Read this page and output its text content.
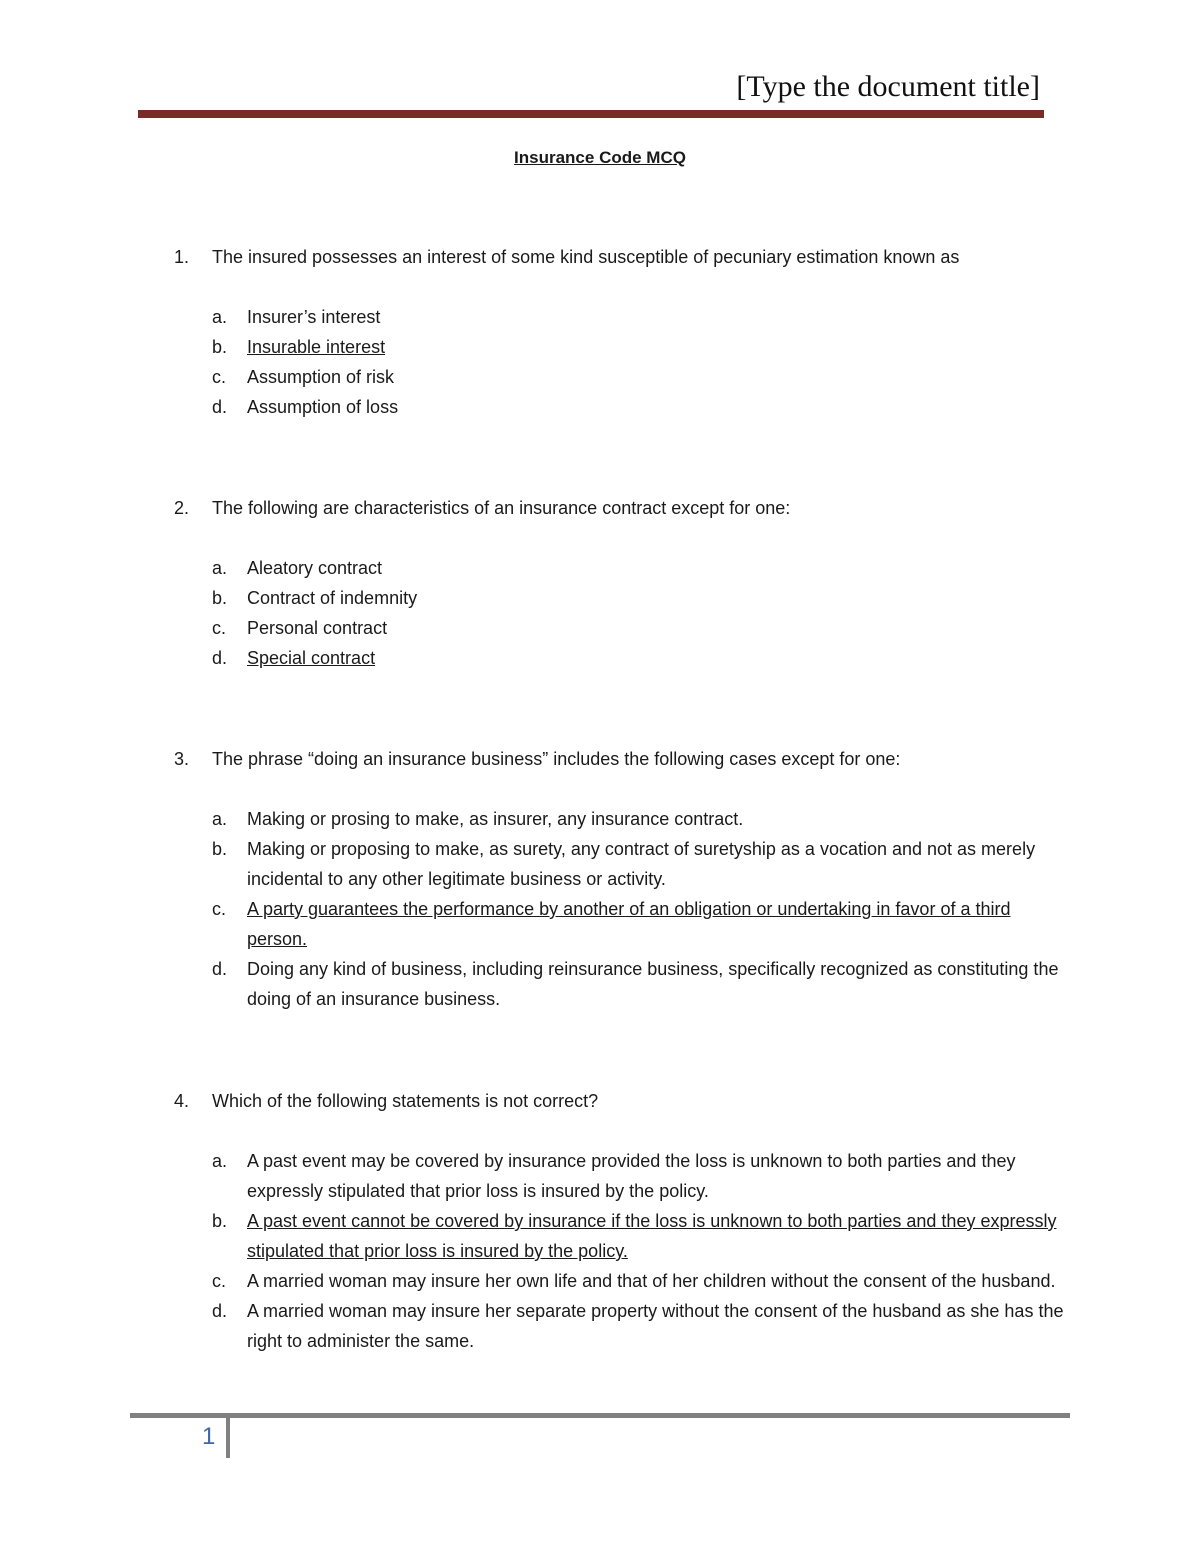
[Type the document title]
Insurance Code MCQ
1.	The insured possesses an interest of some kind susceptible of pecuniary estimation known as
a.	Insurer’s interest
b.	Insurable interest
c.	Assumption of risk
d.	Assumption of loss
2.	The following are characteristics of an insurance contract except for one:
a.	Aleatory contract
b.	Contract of indemnity
c.	Personal contract
d.	Special contract
3.	The phrase “doing an insurance business” includes the following cases except for one:
a.	Making or prosing to make, as insurer, any insurance contract.
b.	Making or proposing to make, as surety, any contract of suretyship as a vocation and not as merely incidental to any other legitimate business or activity.
c.	A party guarantees the performance by another of an obligation or undertaking in favor of a third person.
d.	Doing any kind of business, including reinsurance business, specifically recognized as constituting the doing of an insurance business.
4.	Which of the following statements is not correct?
a.	A past event may be covered by insurance provided the loss is unknown to both parties and they expressly stipulated that prior loss is insured by the policy.
b.	A past event cannot be covered by insurance if the loss is unknown to both parties and they expressly stipulated that prior loss is insured by the policy.
c.	A married woman may insure her own life and that of her children without the consent of the husband.
d.	A married woman may insure her separate property without the consent of the husband as she has the right to administer the same.
1
